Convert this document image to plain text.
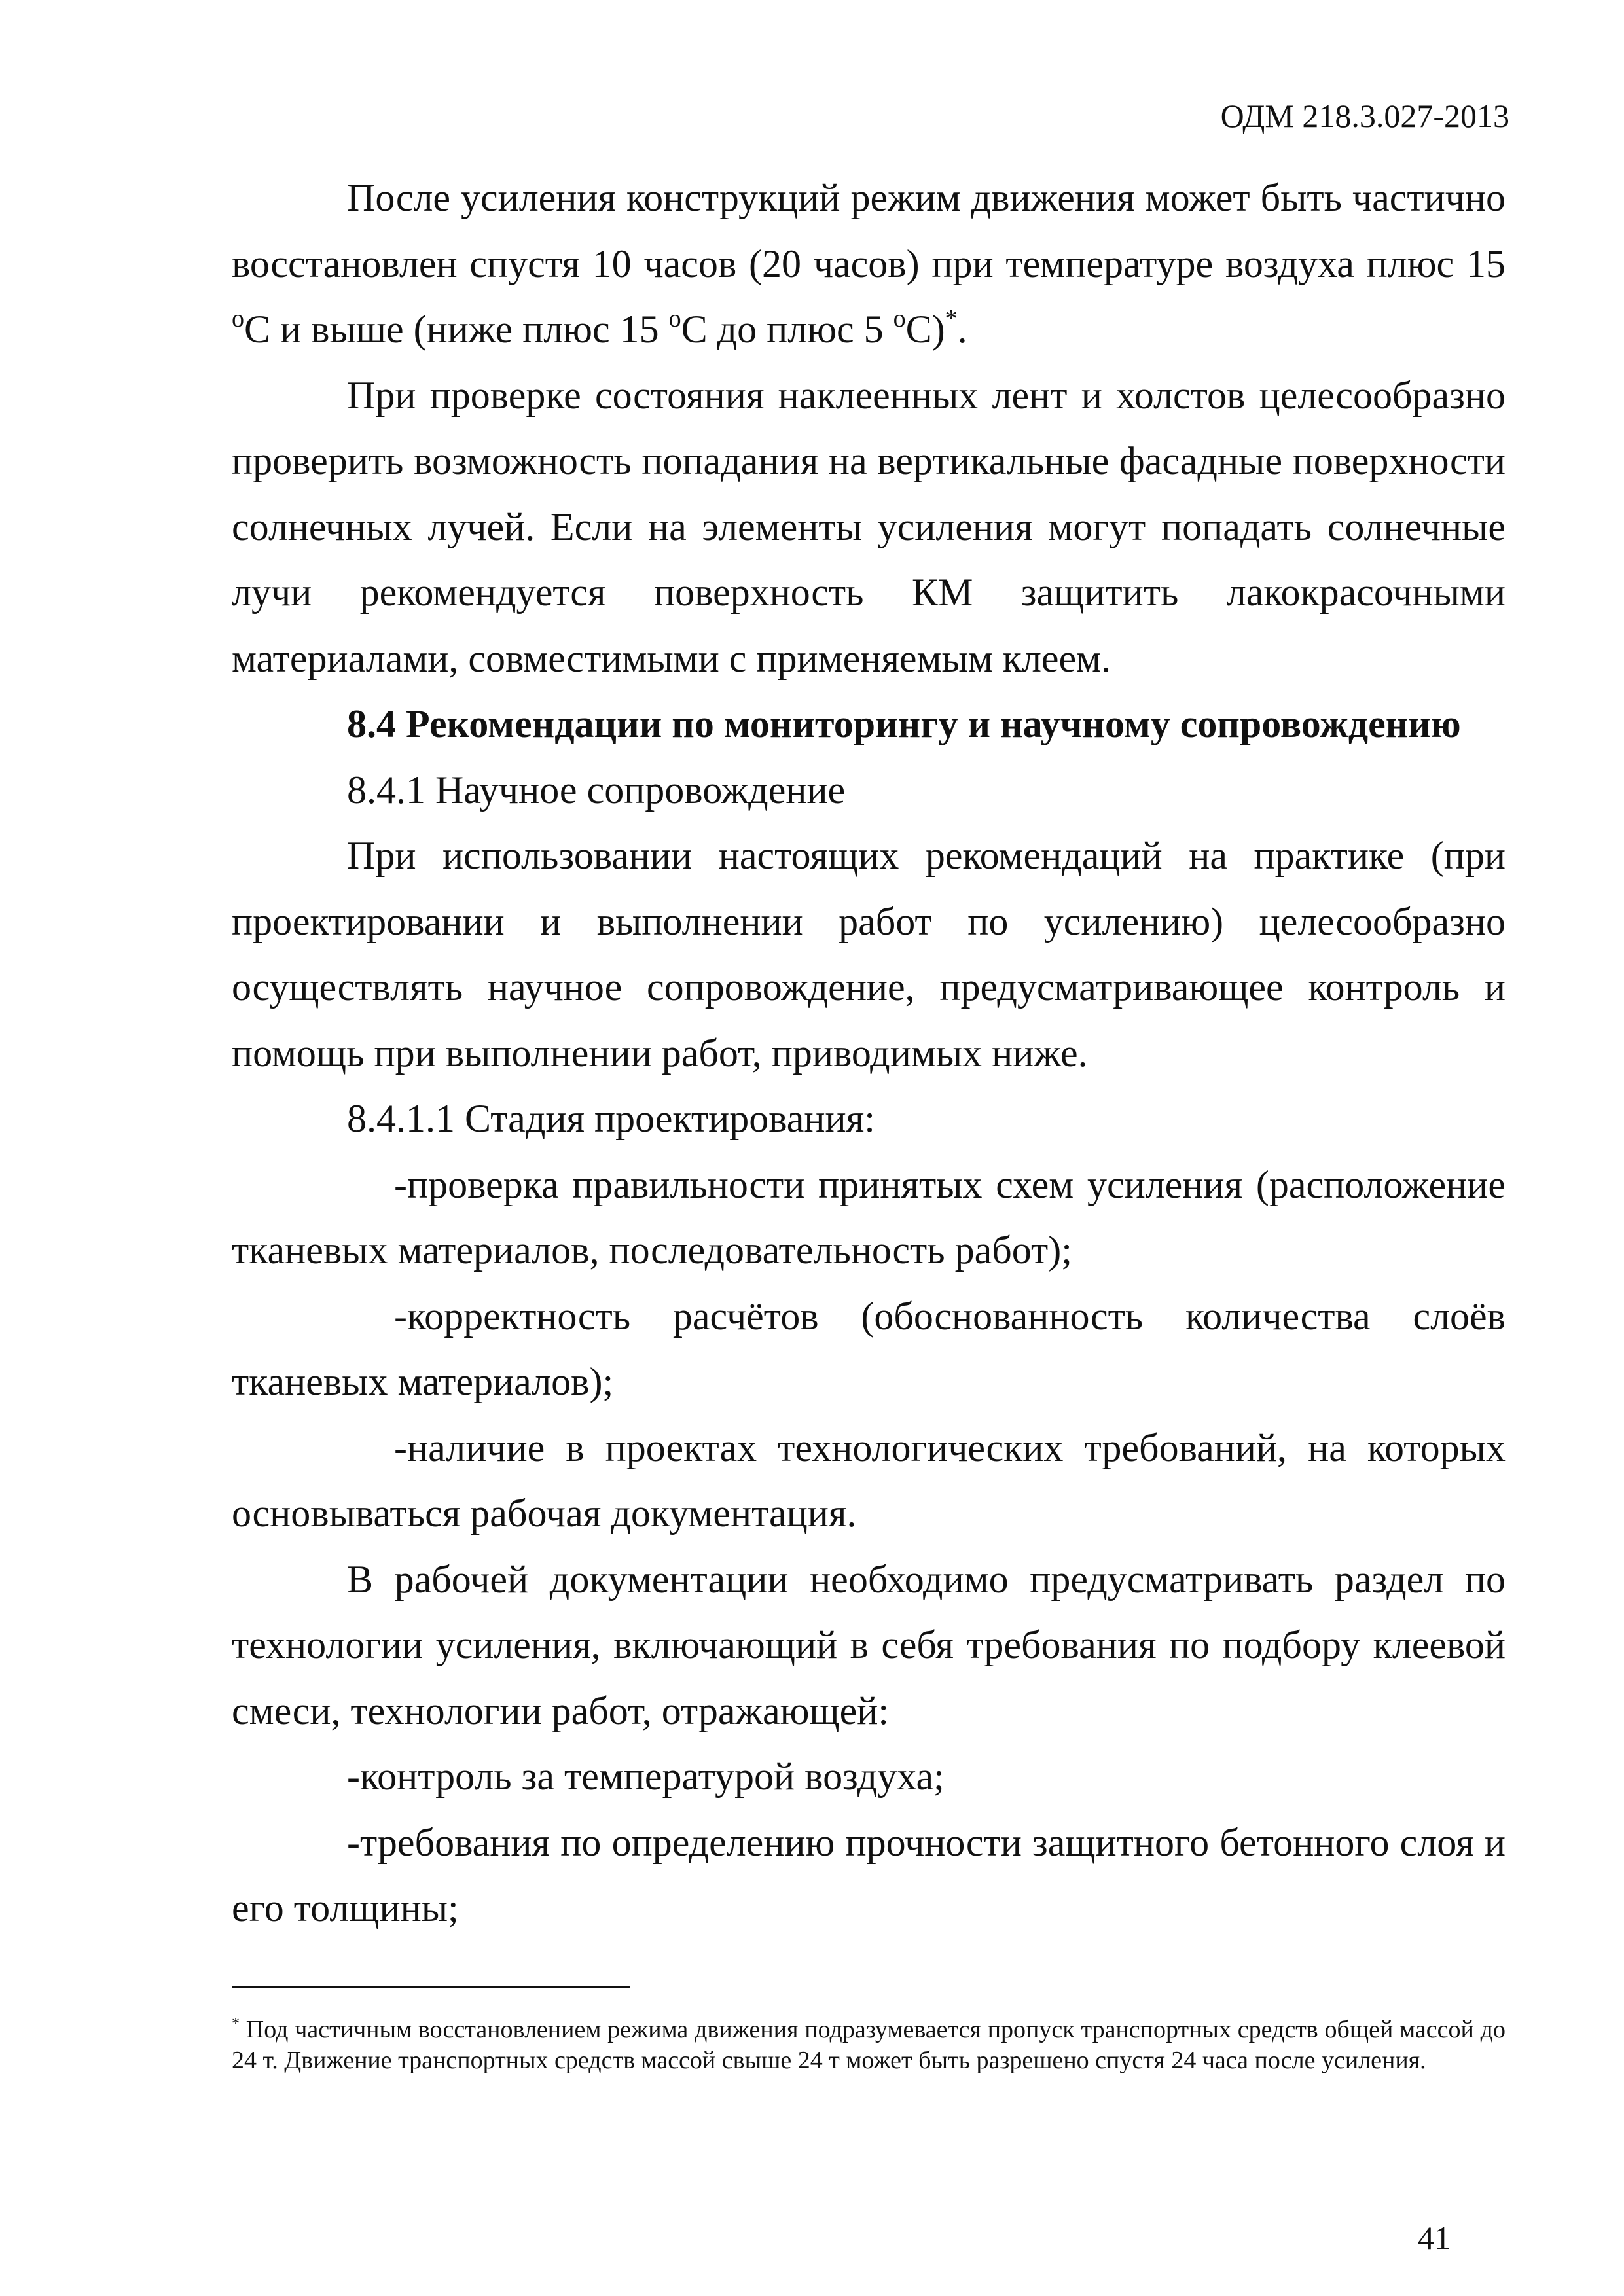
ОДМ 218.3.027-2013

После усиления конструкций режим движения может быть частично восстановлен спустя 10 часов (20 часов) при температуре воздуха плюс 15 $^о$С и выше (ниже плюс 15 $^о$С до плюс 5 $^о$С)*.

При проверке состояния наклеенных лент и холстов целесообразно проверить возможность попадания на вертикальные фасадные поверхности солнечных лучей. Если на элементы усиления могут попадать солнечные лучи рекомендуется поверхность КМ защитить лакокрасочными материалами, совместимыми с применяемым клеем.

8.4 Рекомендации по мониторингу и научному сопровождению

8.4.1 Научное сопровождение

При использовании настоящих рекомендаций на практике (при проектировании и выполнении работ по усилению) целесообразно осуществлять научное сопровождение, предусматривающее контроль и помощь при выполнении работ, приводимых ниже.

8.4.1.1 Стадия проектирования:

-проверка правильности принятых схем усиления (расположение тканевых материалов, последовательность работ);

-корректность расчётов (обоснованность количества слоёв тканевых материалов);

-наличие в проектах технологических требований, на которых основываться рабочая документация.

В рабочей документации необходимо предусматривать раздел по технологии усиления, включающий в себя требования по подбору клеевой смеси, технологии работ, отражающей:

-контроль за температурой воздуха;

-требования по определению прочности защитного бетонного слоя и его толщины;

* Под частичным восстановлением режима движения подразумевается пропуск транспортных средств общей массой до 24 т. Движение транспортных средств массой свыше 24 т может быть разрешено спустя 24 часа после усиления.

41
